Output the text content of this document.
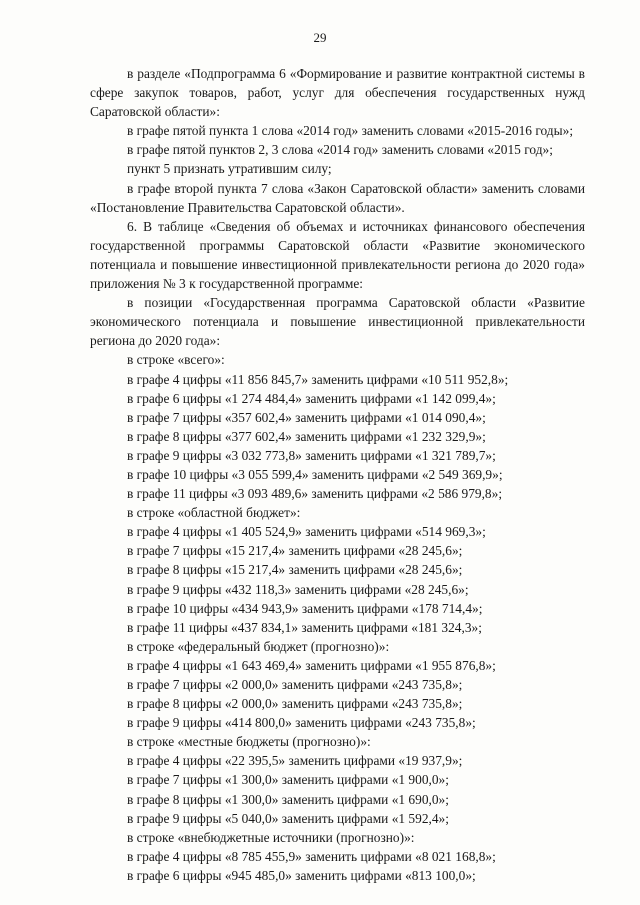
29

в разделе «Подпрограмма 6 «Формирование и развитие контрактной системы в сфере закупок товаров, работ, услуг для обеспечения государственных нужд Саратовской области»:

в графе пятой пункта 1 слова «2014 год» заменить словами «2015-2016 годы»;

в графе пятой пунктов 2, 3 слова «2014 год» заменить словами «2015 год»;

пункт 5 признать утратившим силу;

в графе второй пункта 7 слова «Закон Саратовской области» заменить словами «Постановление Правительства Саратовской области».

6. В таблице «Сведения об объемах и источниках финансового обеспечения государственной программы Саратовской области «Развитие экономического потенциала и повышение инвестиционной привлекательности региона до 2020 года» приложения № 3 к государственной программе:

в позиции «Государственная программа Саратовской области «Развитие экономического потенциала и повышение инвестиционной привлекательности региона до 2020 года»:

в строке «всего»:

в графе 4 цифры «11 856 845,7» заменить цифрами «10 511 952,8»;

в графе 6 цифры «1 274 484,4» заменить цифрами «1 142 099,4»;

в графе 7 цифры «357 602,4» заменить цифрами «1 014 090,4»;

в графе 8 цифры «377 602,4» заменить цифрами «1 232 329,9»;

в графе 9 цифры «3 032 773,8» заменить цифрами «1 321 789,7»;

в графе 10 цифры «3 055 599,4» заменить цифрами «2 549 369,9»;

в графе 11 цифры «3 093 489,6» заменить цифрами «2 586 979,8»;

в строке «областной бюджет»:

в графе 4 цифры «1 405 524,9» заменить цифрами «514 969,3»;

в графе 7 цифры «15 217,4» заменить цифрами «28 245,6»;

в графе 8 цифры «15 217,4» заменить цифрами «28 245,6»;

в графе 9 цифры «432 118,3» заменить цифрами «28 245,6»;

в графе 10 цифры «434 943,9» заменить цифрами «178 714,4»;

в графе 11 цифры «437 834,1» заменить цифрами «181 324,3»;

в строке «федеральный бюджет (прогнозно)»:

в графе 4 цифры «1 643 469,4» заменить цифрами «1 955 876,8»;

в графе 7 цифры «2 000,0» заменить цифрами «243 735,8»;

в графе 8 цифры «2 000,0» заменить цифрами «243 735,8»;

в графе 9 цифры «414 800,0» заменить цифрами «243 735,8»;

в строке «местные бюджеты (прогнозно)»:

в графе 4 цифры «22 395,5» заменить цифрами «19 937,9»;

в графе 7 цифры «1 300,0» заменить цифрами «1 900,0»;

в графе 8 цифры «1 300,0» заменить цифрами «1 690,0»;

в графе 9 цифры «5 040,0» заменить цифрами «1 592,4»;

в строке «внебюджетные источники (прогнозно)»:

в графе 4 цифры «8 785 455,9» заменить цифрами «8 021 168,8»;

в графе 6 цифры «945 485,0» заменить цифрами «813 100,0»;
